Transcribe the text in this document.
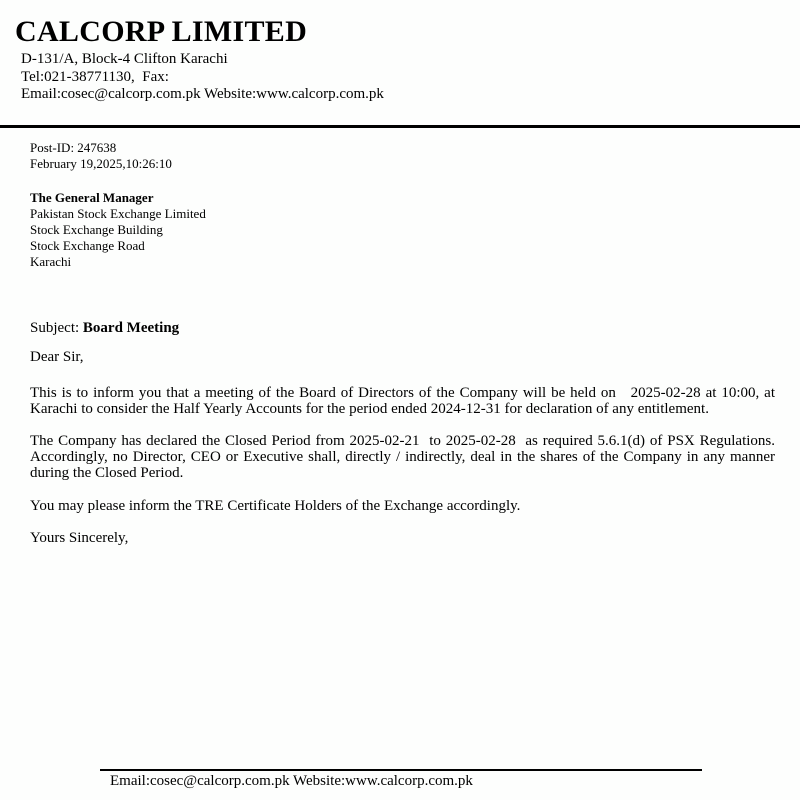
CALCORP LIMITED
D-131/A, Block-4 Clifton Karachi
Tel:021-38771130,  Fax:
Email:cosec@calcorp.com.pk Website:www.calcorp.com.pk
Post-ID: 247638
February 19,2025,10:26:10
The General Manager
Pakistan Stock Exchange Limited
Stock Exchange Building
Stock Exchange Road
Karachi
Subject: Board Meeting
Dear Sir,
This is to inform you that a meeting of the Board of Directors of the Company will be held on   2025-02-28 at 10:00, at Karachi to consider the Half Yearly Accounts for the period ended 2024-12-31 for declaration of any entitlement.
The Company has declared the Closed Period from 2025-02-21  to 2025-02-28  as required 5.6.1(d) of PSX Regulations. Accordingly, no Director, CEO or Executive shall, directly / indirectly, deal in the shares of the Company in any manner during the Closed Period.
You may please inform the TRE Certificate Holders of the Exchange accordingly.
Yours Sincerely,
Email:cosec@calcorp.com.pk Website:www.calcorp.com.pk
